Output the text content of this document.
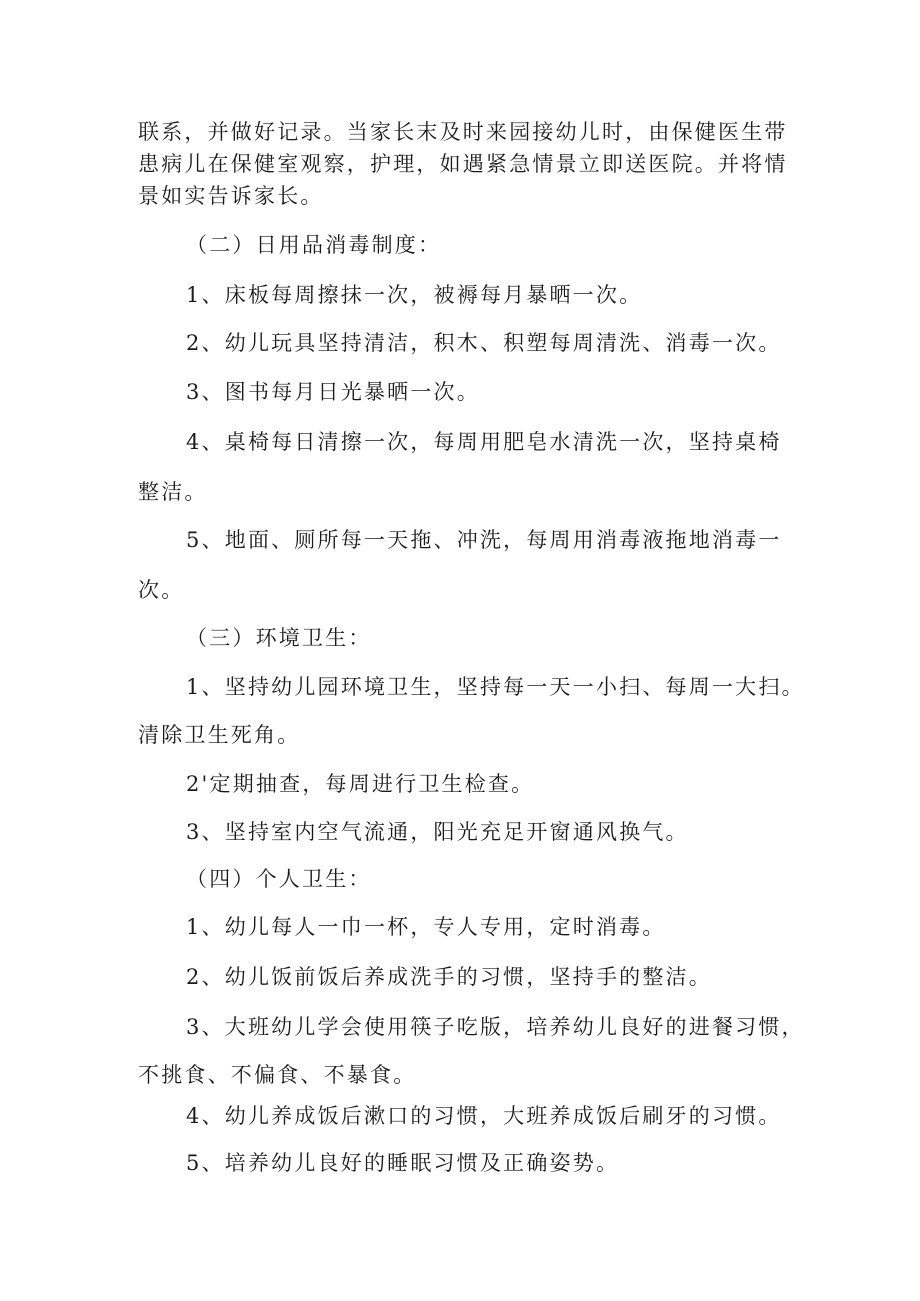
联系，并做好记录。当家长末及时来园接幼儿时，由保健医生带
患病儿在保健室观察，护理，如遇紧急情景立即送医院。并将情
景如实告诉家长。
（二）日用品消毒制度：
1、床板每周擦抹一次，被褥每月暴晒一次。
2、幼儿玩具坚持清洁，积木、积塑每周清洗、消毒一次。
3、图书每月日光暴晒一次。
4、桌椅每日清擦一次，每周用肥皂水清洗一次，坚持桌椅
整洁。
5、地面、厕所每一天拖、冲洗，每周用消毒液拖地消毒一
次。
（三）环境卫生：
1、坚持幼儿园环境卫生，坚持每一天一小扫、每周一大扫。
清除卫生死角。
2'定期抽查，每周进行卫生检查。
3、坚持室内空气流通，阳光充足开窗通风换气。
（四）个人卫生：
1、幼儿每人一巾一杯，专人专用，定时消毒。
2、幼儿饭前饭后养成洗手的习惯，坚持手的整洁。
3、大班幼儿学会使用筷子吃版，培养幼儿良好的进餐习惯，
不挑食、不偏食、不暴食。
4、幼儿养成饭后漱口的习惯，大班养成饭后刷牙的习惯。
5、培养幼儿良好的睡眠习惯及正确姿势。
